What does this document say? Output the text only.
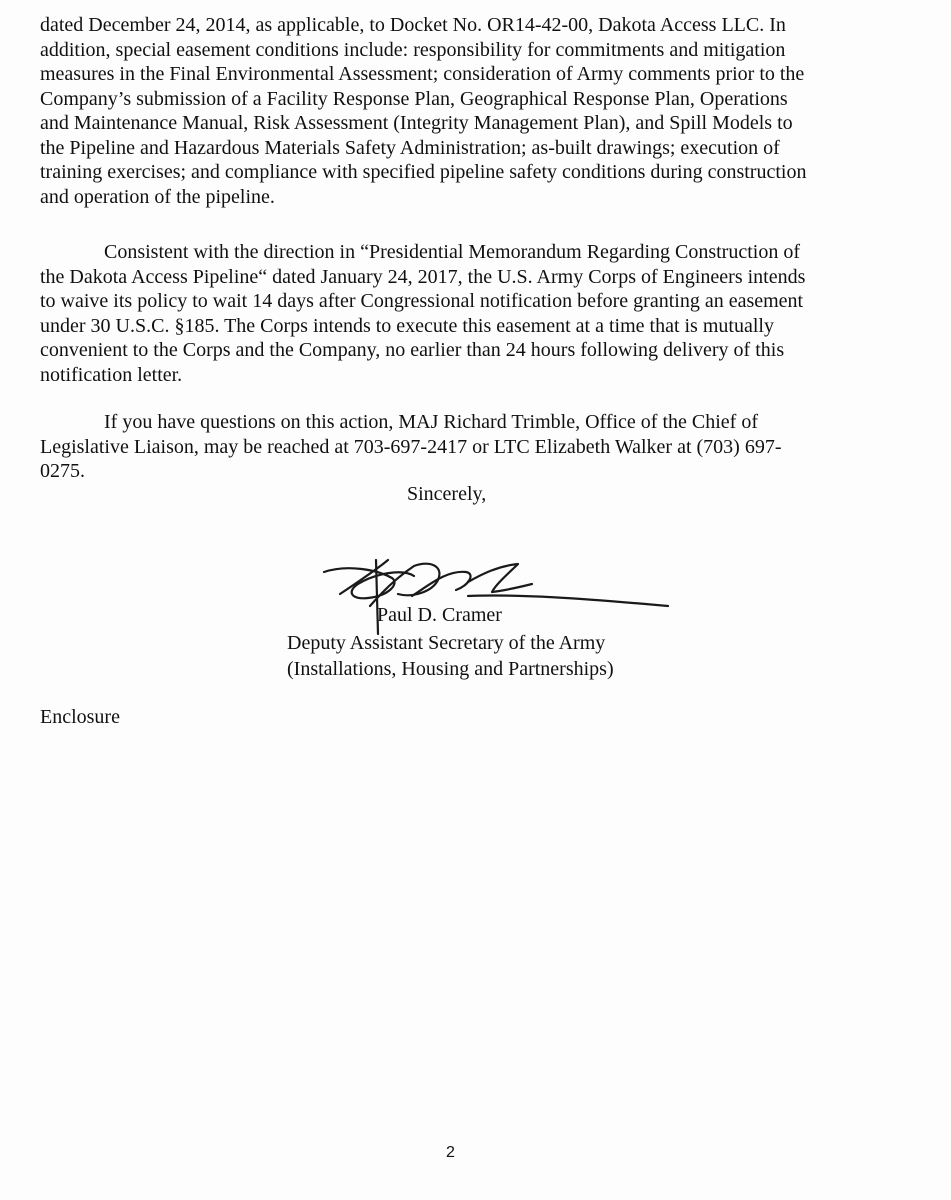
dated December 24, 2014, as applicable, to Docket No. OR14-42-00, Dakota Access LLC. In
addition, special easement conditions include: responsibility for commitments and mitigation
measures in the Final Environmental Assessment; consideration of Army comments prior to the
Company’s submission of a Facility Response Plan, Geographical Response Plan, Operations
and Maintenance Manual, Risk Assessment (Integrity Management Plan), and Spill Models to
the Pipeline and Hazardous Materials Safety Administration; as-built drawings; execution of
training exercises; and compliance with specified pipeline safety conditions during construction
and operation of the pipeline.
Consistent with the direction in “Presidential Memorandum Regarding Construction of
the Dakota Access Pipeline“ dated January 24, 2017, the U.S. Army Corps of Engineers intends
to waive its policy to wait 14 days after Congressional notification before granting an easement
under 30 U.S.C. §185. The Corps intends to execute this easement at a time that is mutually
convenient to the Corps and the Company, no earlier than 24 hours following delivery of this
notification letter.
If you have questions on this action, MAJ Richard Trimble, Office of the Chief of
Legislative Liaison, may be reached at 703-697-2417 or LTC Elizabeth Walker at (703) 697-
0275.
Sincerely,
Paul D. Cramer
Deputy Assistant Secretary of the Army
(Installations, Housing and Partnerships)
Enclosure
2
